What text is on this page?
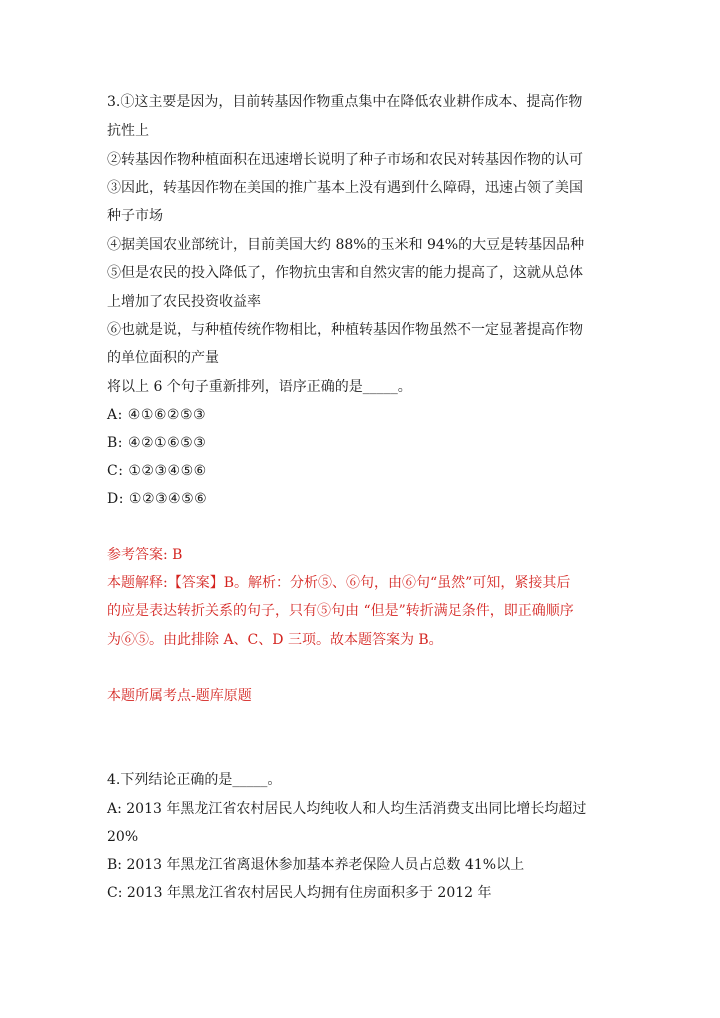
3.①这主要是因为，目前转基因作物重点集中在降低农业耕作成本、提高作物
抗性上
②转基因作物种植面积在迅速增长说明了种子市场和农民对转基因作物的认可
③因此，转基因作物在美国的推广基本上没有遇到什么障碍，迅速占领了美国
种子市场
④据美国农业部统计，目前美国大约 88%的玉米和 94%的大豆是转基因品种
⑤但是农民的投入降低了，作物抗虫害和自然灾害的能力提高了，这就从总体
上增加了农民投资收益率
⑥也就是说，与种植传统作物相比，种植转基因作物虽然不一定显著提高作物
的单位面积的产量
将以上 6 个句子重新排列，语序正确的是_____。
A: ④①⑥②⑤③
B: ④②①⑥⑤③
C: ①②③④⑤⑥
D: ①②③④⑤⑥
参考答案: B
本题解释:【答案】B。解析：分析⑤、⑥句，由⑥句“虽然”可知，紧接其后
的应是表达转折关系的句子，只有⑤句由 “但是”转折满足条件，即正确顺序
为⑥⑤。由此排除 A、C、D 三项。故本题答案为 B。
本题所属考点-题库原题
4.下列结论正确的是_____。
A: 2013 年黑龙江省农村居民人均纯收人和人均生活消费支出同比增长均超过
20%
B: 2013 年黑龙江省离退休参加基本养老保险人员占总数 41%以上
C: 2013 年黑龙江省农村居民人均拥有住房面积多于 2012 年
